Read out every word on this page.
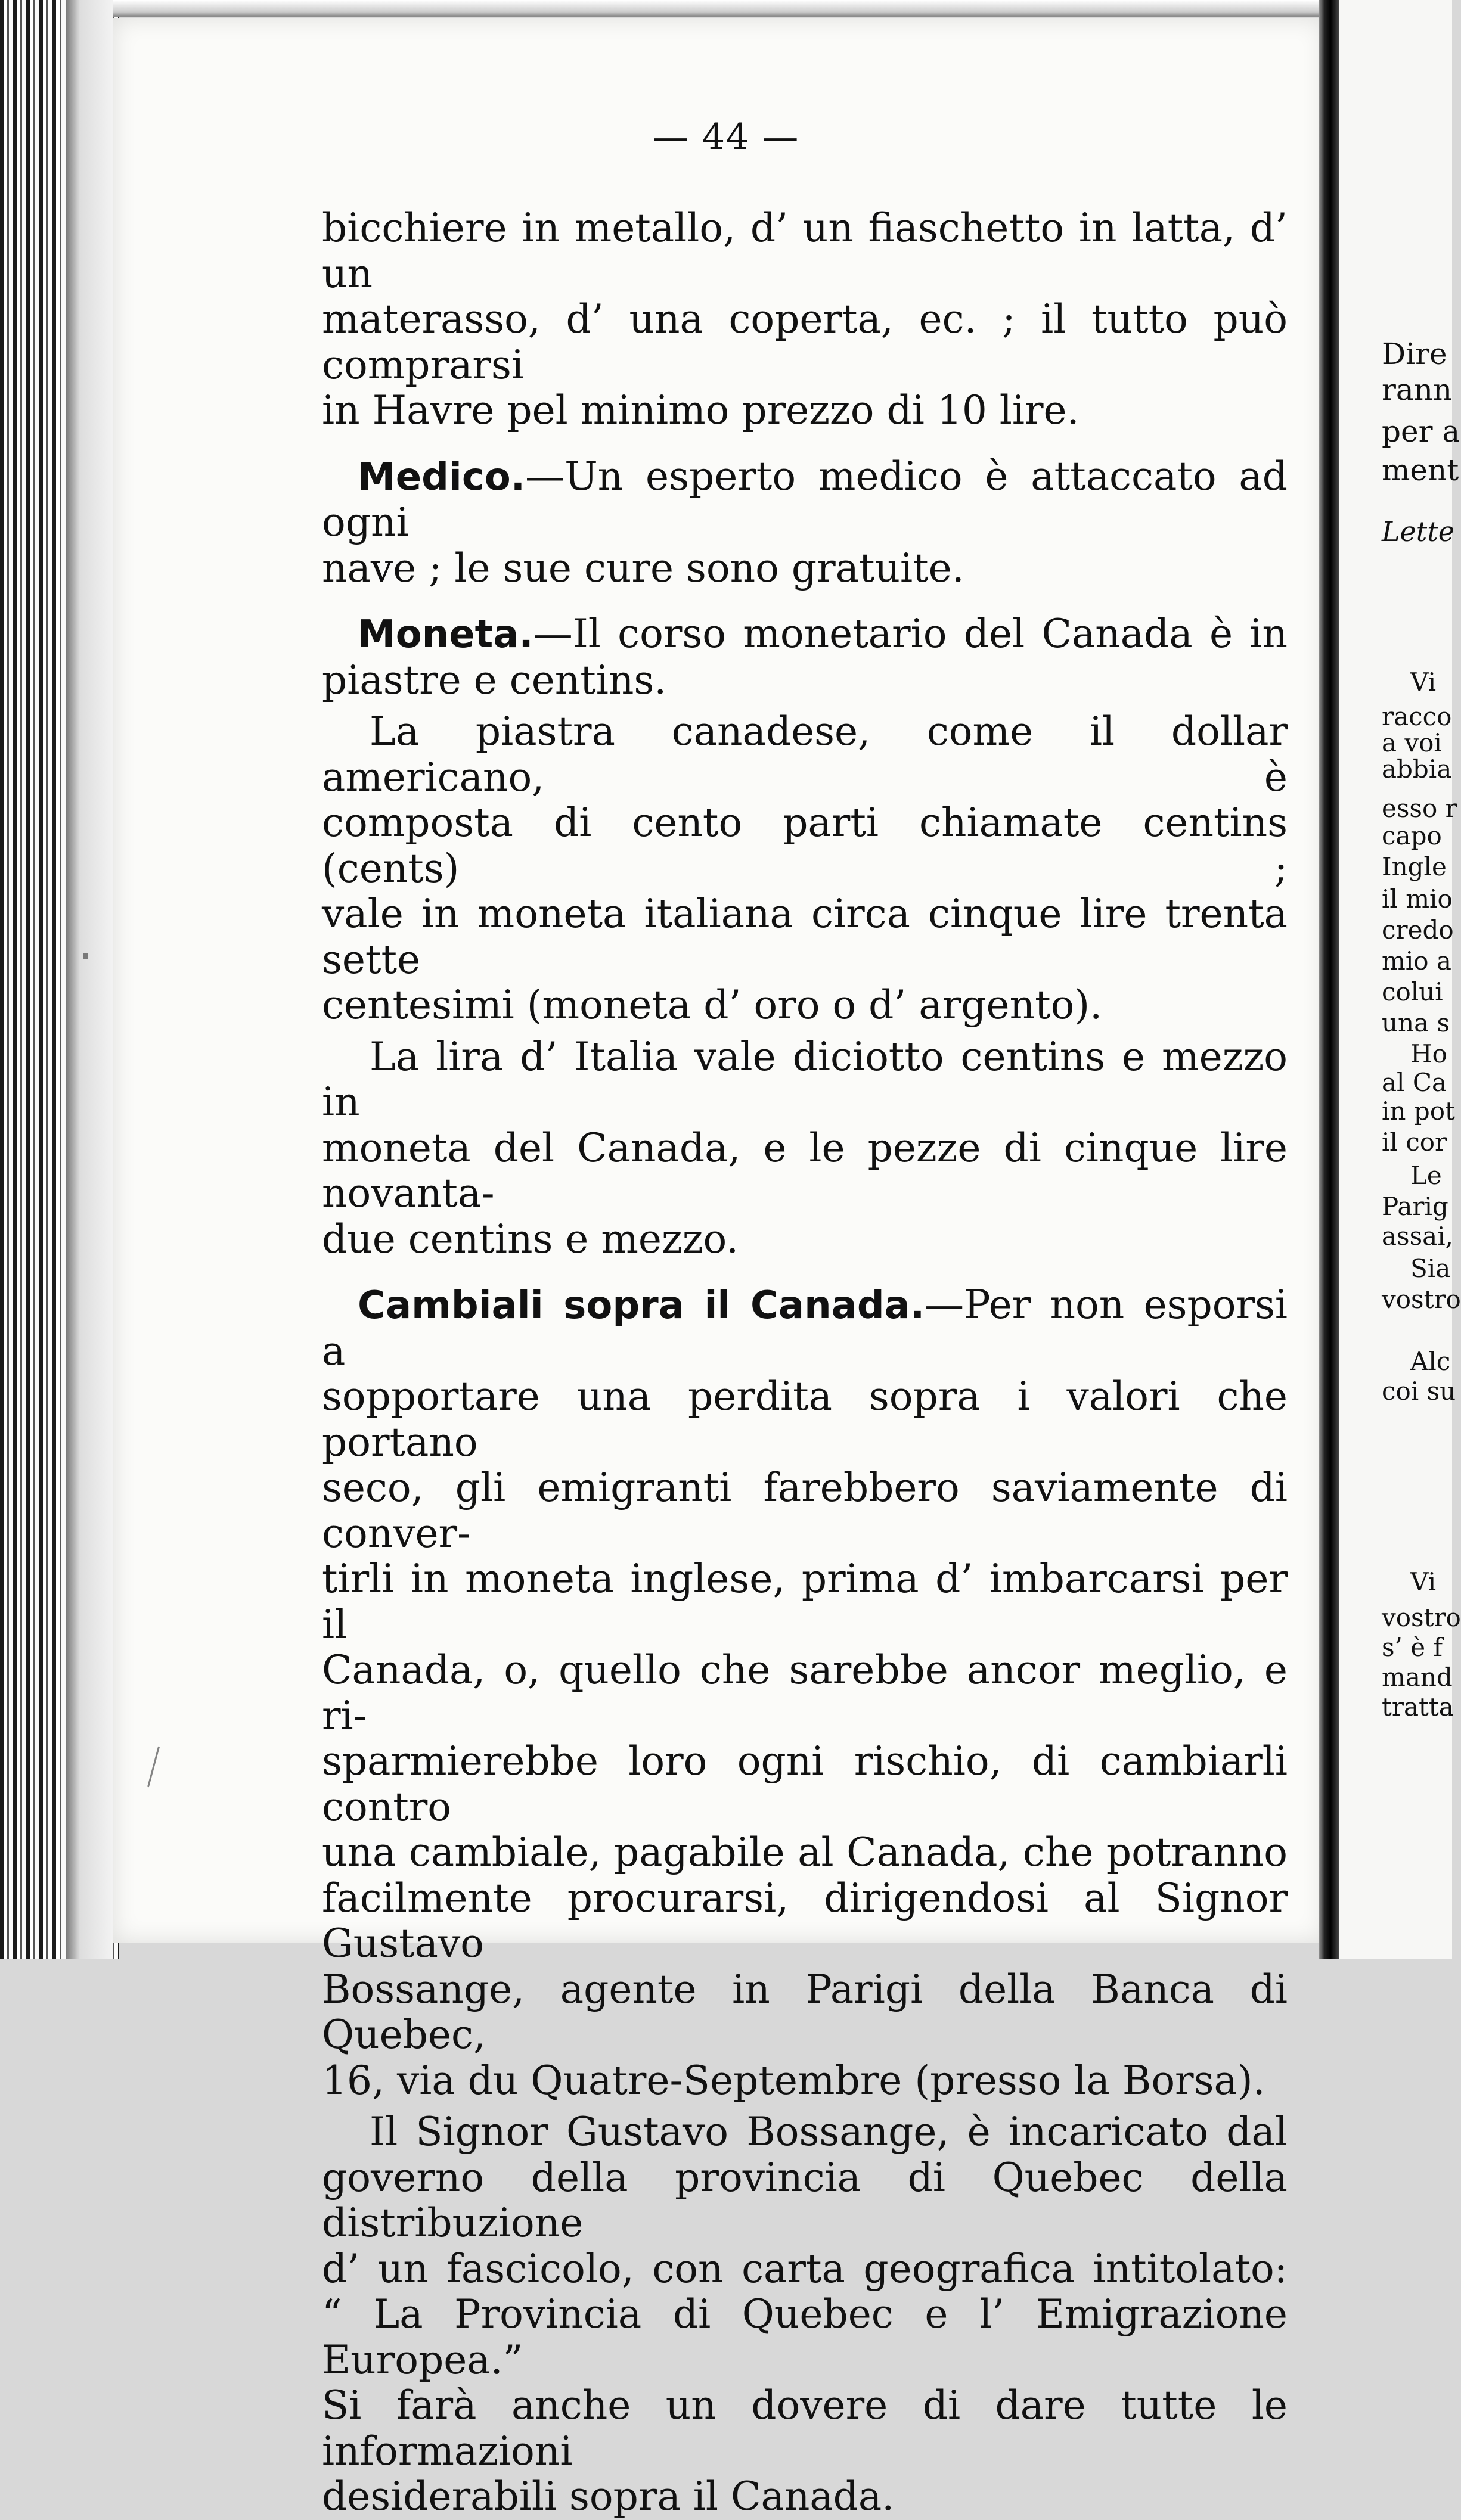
Dire
rann
per a
ment
Lette
Vi
racco
a voi
abbia
esso r
capo
Ingle
il mio
credo
mio a
colui
una s
Ho
al Ca
in pot
il cor
Le
Parig
assai,
Sia
vostro
Alc
coi su
Vi
vostro
s’ è f
mand
tratta
— 44 —

bicchiere in metallo, d’ un fiaschetto in latta, d’ un
materasso, d’ una coperta, ec. ; il tutto può comprarsi
in Havre pel minimo prezzo di 10 lire.

Medico.—Un esperto medico è attaccato ad ogni
nave ; le sue cure sono gratuite.

Moneta.—Il corso monetario del Canada è in
piastre e centins.

La piastra canadese, come il dollar americano, è
composta di cento parti chiamate centins (cents) ;
vale in moneta italiana circa cinque lire trenta sette
centesimi (moneta d’ oro o d’ argento).

La lira d’ Italia vale diciotto centins e mezzo in
moneta del Canada, e le pezze di cinque lire novanta-
due centins e mezzo.

Cambiali sopra il Canada.—Per non esporsi a
sopportare una perdita sopra i valori che portano
seco, gli emigranti farebbero saviamente di conver-
tirli in moneta inglese, prima d’ imbarcarsi per il
Canada, o, quello che sarebbe ancor meglio, e ri-
sparmierebbe loro ogni rischio, di cambiarli contro
una cambiale, pagabile al Canada, che potranno
facilmente procurarsi, dirigendosi al Signor Gustavo
Bossange, agente in Parigi della Banca di Quebec,
16, via du Quatre-Septembre (presso la Borsa).

Il Signor Gustavo Bossange, è incaricato dal
governo della provincia di Quebec della distribuzione
d’ un fascicolo, con carta geografica intitolato:
“ La Provincia di Quebec e l’ Emigrazione Europea.”
Si farà anche un dovere di dare tutte le informazioni
desiderabili sopra il Canada.
